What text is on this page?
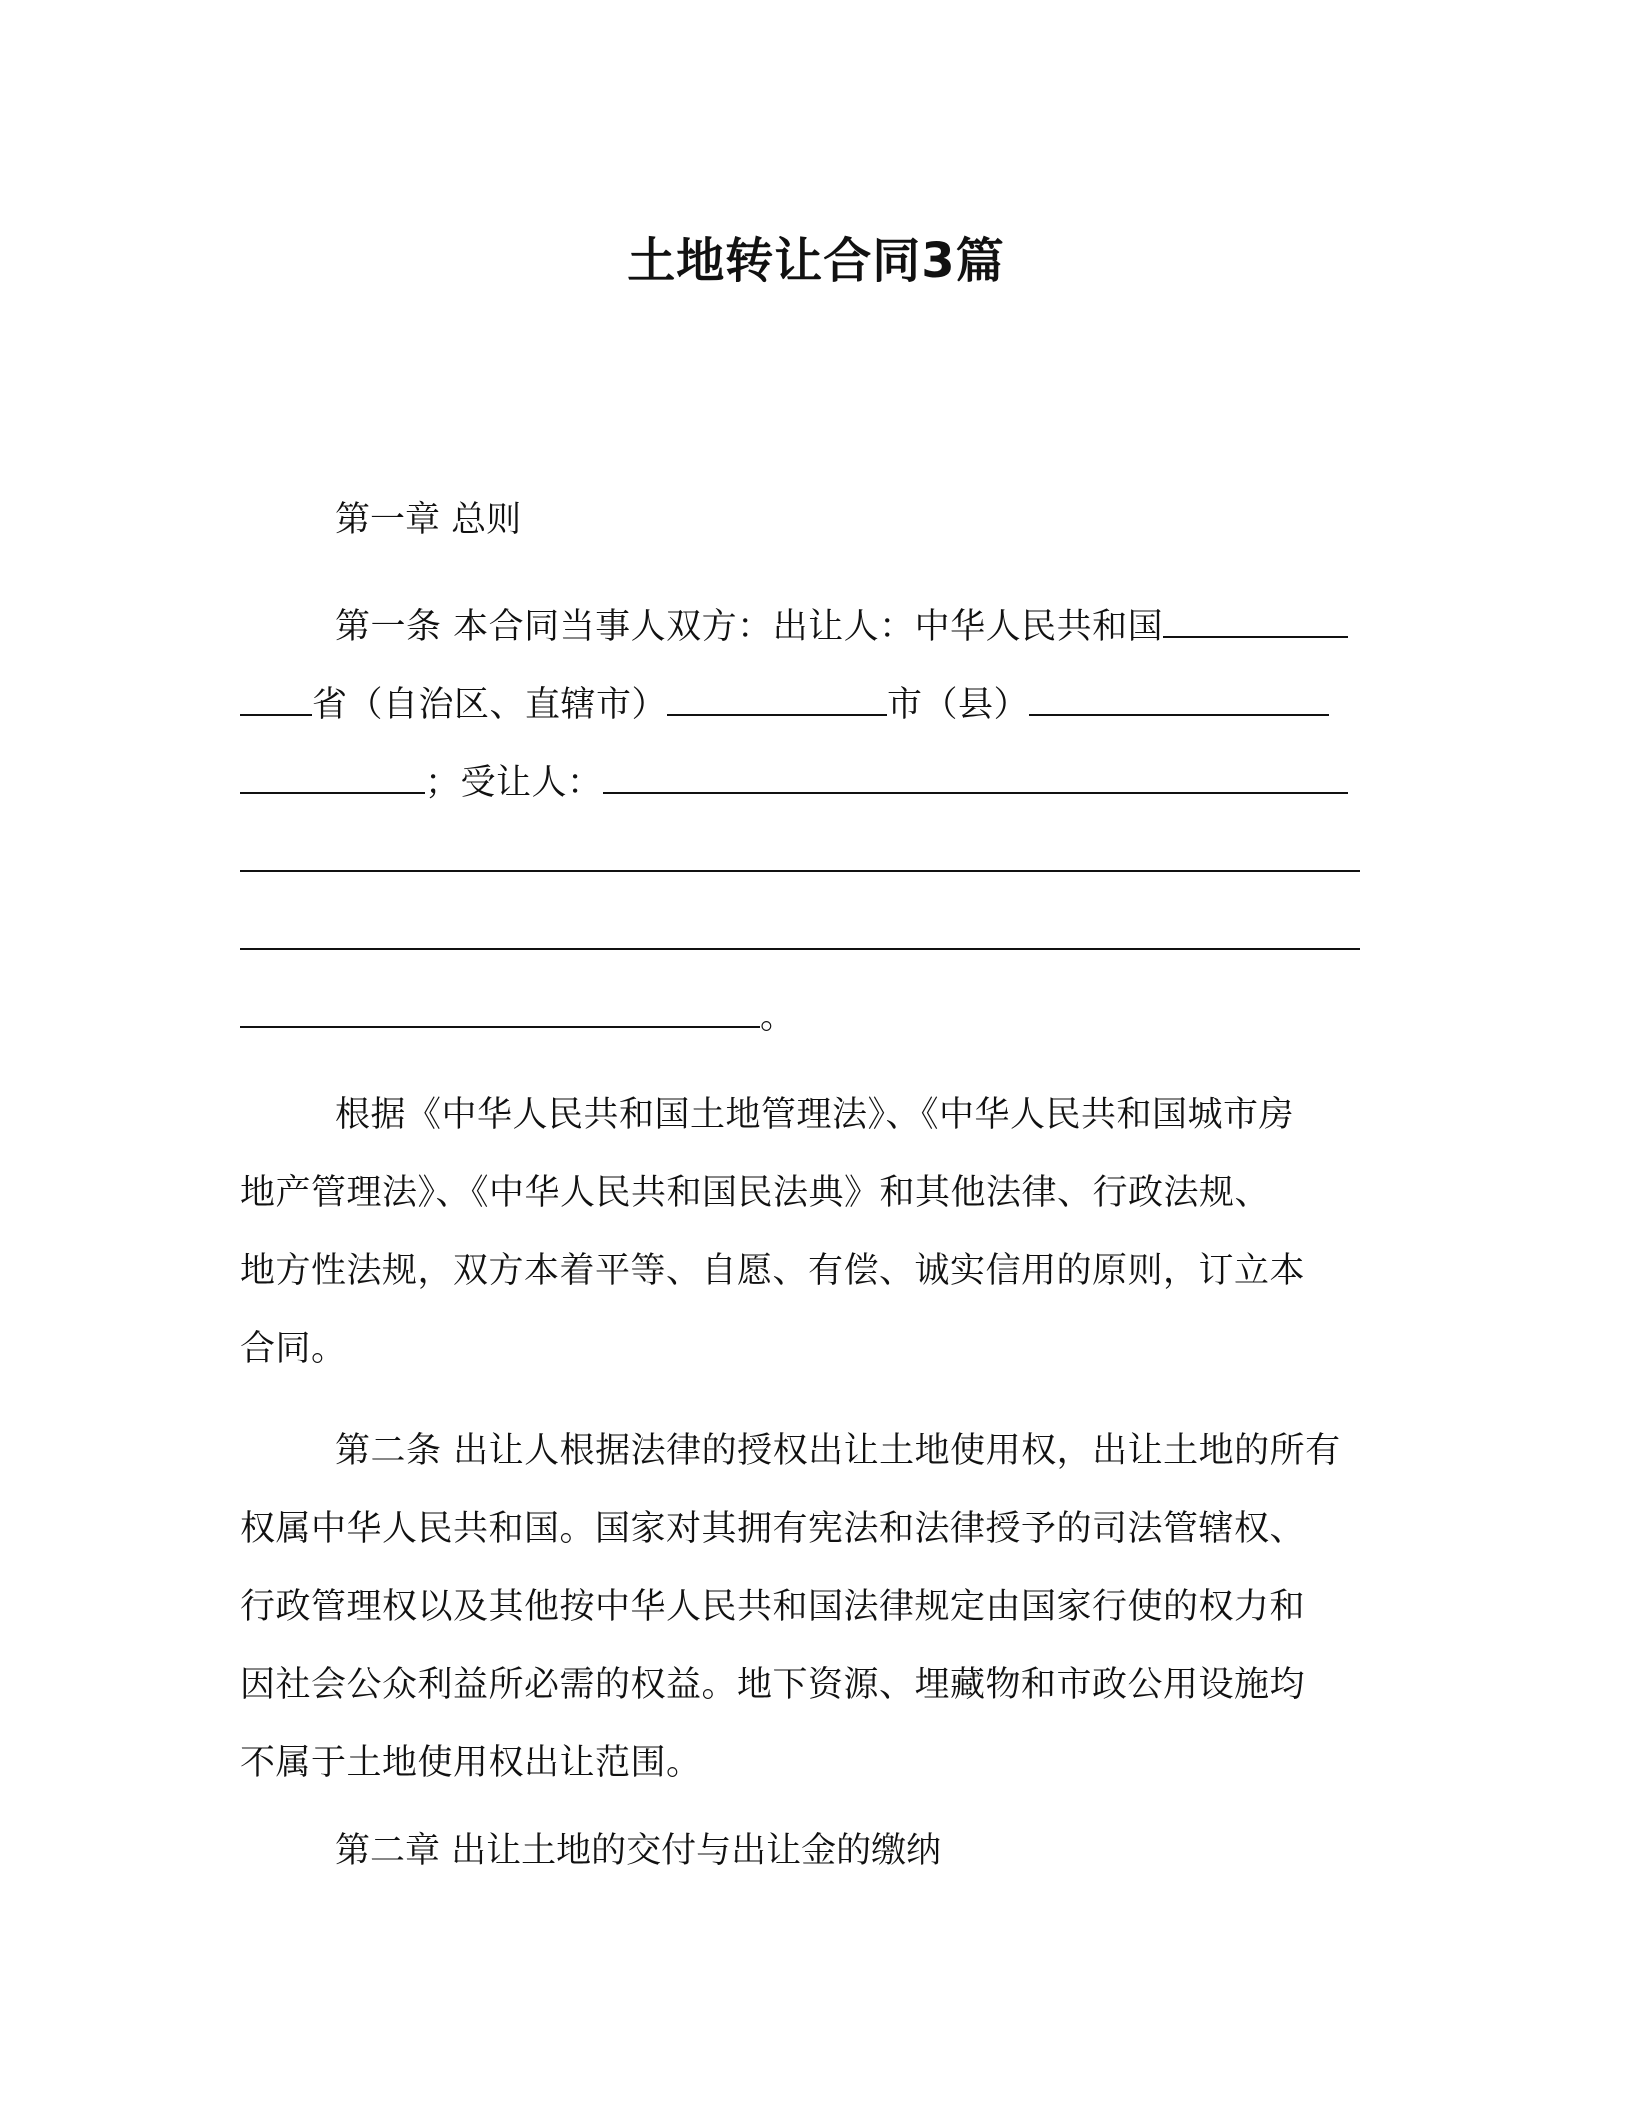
土地转让合同3篇
第一章 总则
第一条 本合同当事人双方：出让人：中华人民共和国
省（自治区、直辖市）	市（县）
；受让人：
。
根据《中华人民共和国土地管理法》、《中华人民共和国城市房
地产管理法》、《中华人民共和国民法典》和其他法律、行政法规、
地方性法规，双方本着平等、自愿、有偿、诚实信用的原则，订立本
合同。
第二条 出让人根据法律的授权出让土地使用权，出让土地的所有
权属中华人民共和国。国家对其拥有宪法和法律授予的司法管辖权、
行政管理权以及其他按中华人民共和国法律规定由国家行使的权力和
因社会公众利益所必需的权益。地下资源、埋藏物和市政公用设施均
不属于土地使用权出让范围。
第二章 出让土地的交付与出让金的缴纳
